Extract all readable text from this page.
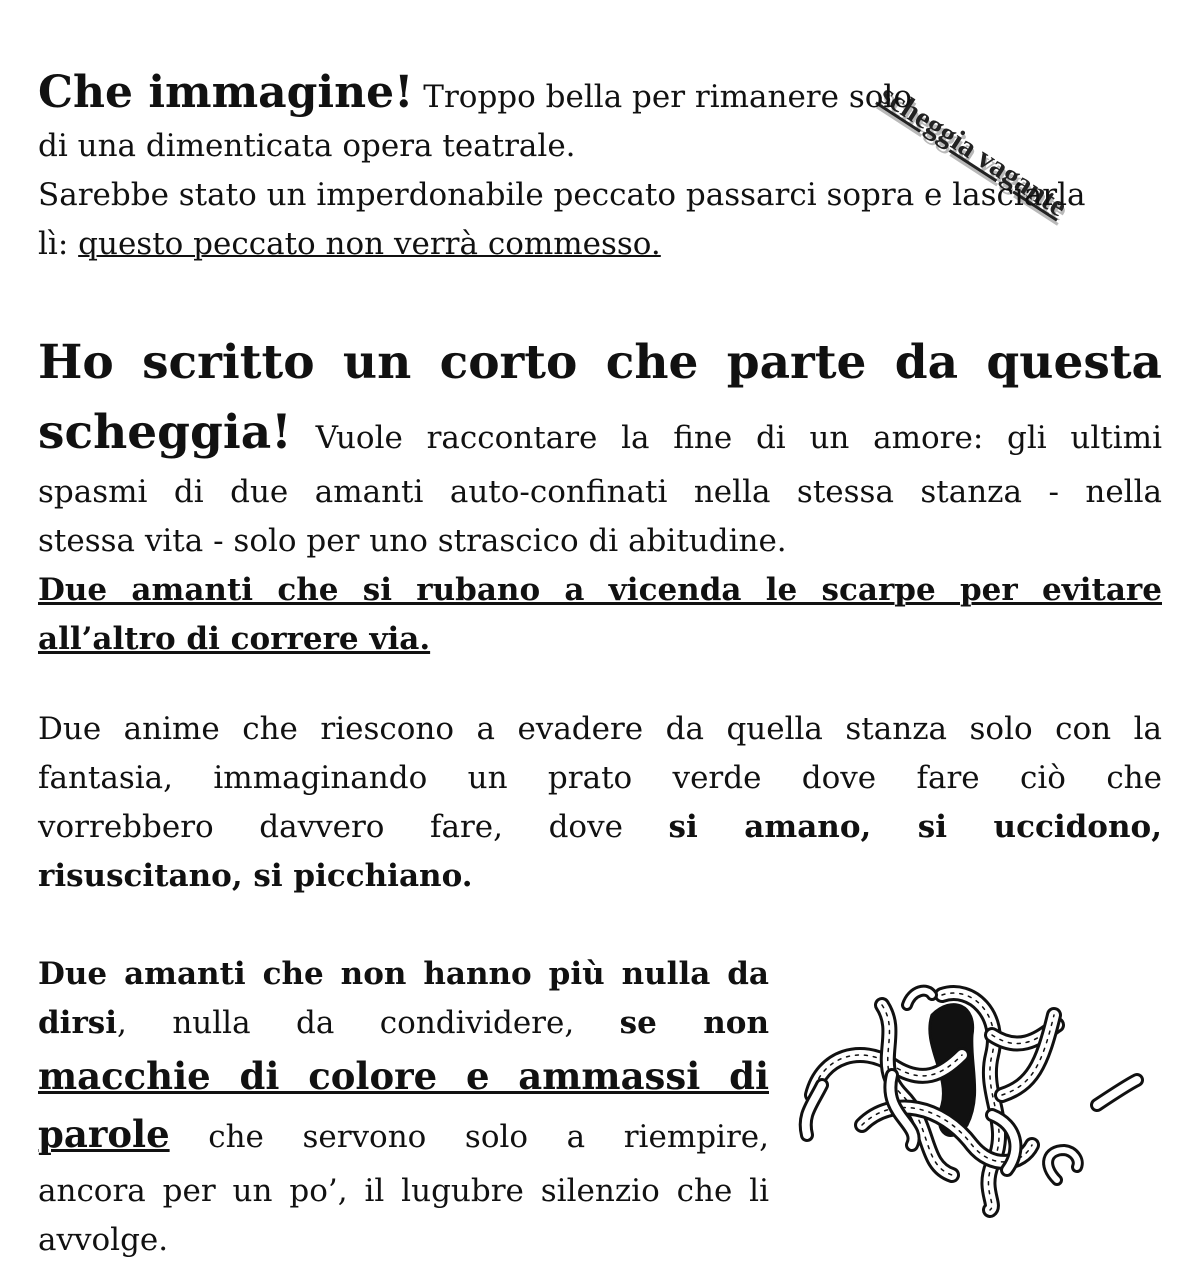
scheggia vagante

Che immagine! Troppo bella per rimanere solo

di una dimenticata opera teatrale.

Sarebbe stato un imperdonabile peccato passarci sopra e lasciarla

lì: questo peccato non verrà commesso.

Ho scritto un corto che parte da questa
scheggia! Vuole raccontare la fine di un amore: gli ultimi
spasmi di due amanti auto-confinati nella stessa stanza - nella

stessa vita - solo per uno strascico di abitudine.

Due amanti che si rubano a vicenda le scarpe per evitare

all’altro di correre via.

Due anime che riescono a evadere da quella stanza solo con la
fantasia, immaginando un prato verde dove fare ciò che
vorrebbero davvero fare, dove si amano, si uccidono,

risuscitano, si picchiano.

Due amanti che non hanno più nulla da
dirsi, nulla da condividere, se non
macchie di colore e ammassi di
parole che servono solo a riempire,
ancora per un po’, il lugubre silenzio che li

avvolge.
